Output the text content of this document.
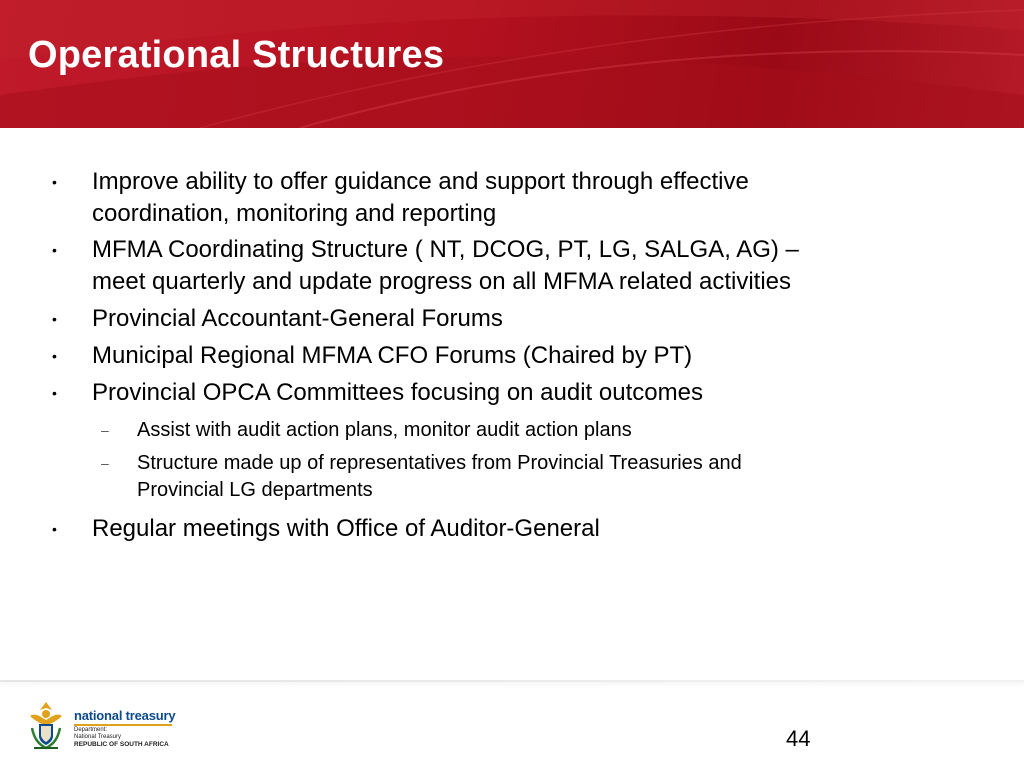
Operational Structures
• Improve ability to offer guidance and support through effective
coordination, monitoring and reporting
• MFMA Coordinating Structure ( NT, DCOG, PT, LG, SALGA, AG) –
meet quarterly and update progress on all MFMA related activities
• Provincial Accountant-General Forums
• Municipal Regional MFMA CFO Forums (Chaired by PT)
• Provincial OPCA Committees focusing on audit outcomes
– Assist with audit action plans, monitor audit action plans
– Structure made up of representatives from Provincial Treasuries and
Provincial LG departments
• Regular meetings with Office of Auditor-General
national treasury
Department:
National Treasury
REPUBLIC OF SOUTH AFRICA	44
